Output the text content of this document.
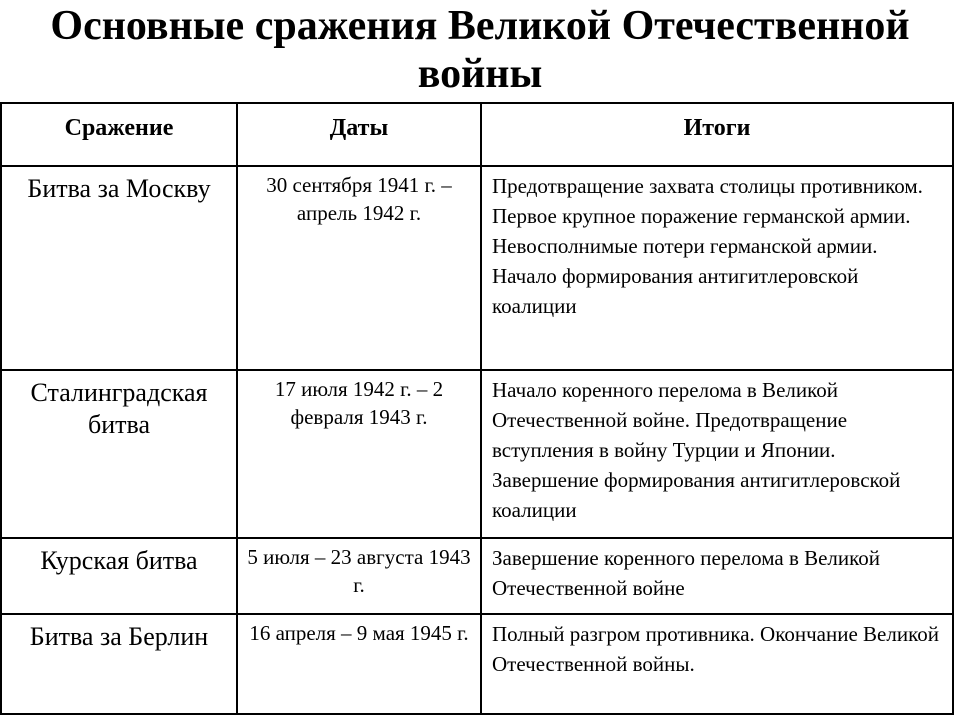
Основные сражения Великой Отечественной войны
Сражение	Даты	Итоги
Битва за Москву	30 сентября 1941 г. – апрель 1942 г.	Предотвращение захвата столицы противником. Первое крупное поражение германской армии. Невосполнимые потери германской армии. Начало формирования антигитлеровской коалиции
Сталинградская битва	17 июля 1942 г. – 2 февраля 1943 г.	Начало коренного перелома в Великой Отечественной войне. Предотвращение вступления в войну Турции и Японии. Завершение формирования антигитлеровской коалиции
Курская битва	5 июля – 23 августа 1943 г.	Завершение коренного перелома в Великой Отечественной войне
Битва за Берлин	16 апреля – 9 мая 1945 г.	Полный разгром противника. Окончание Великой Отечественной войны.
